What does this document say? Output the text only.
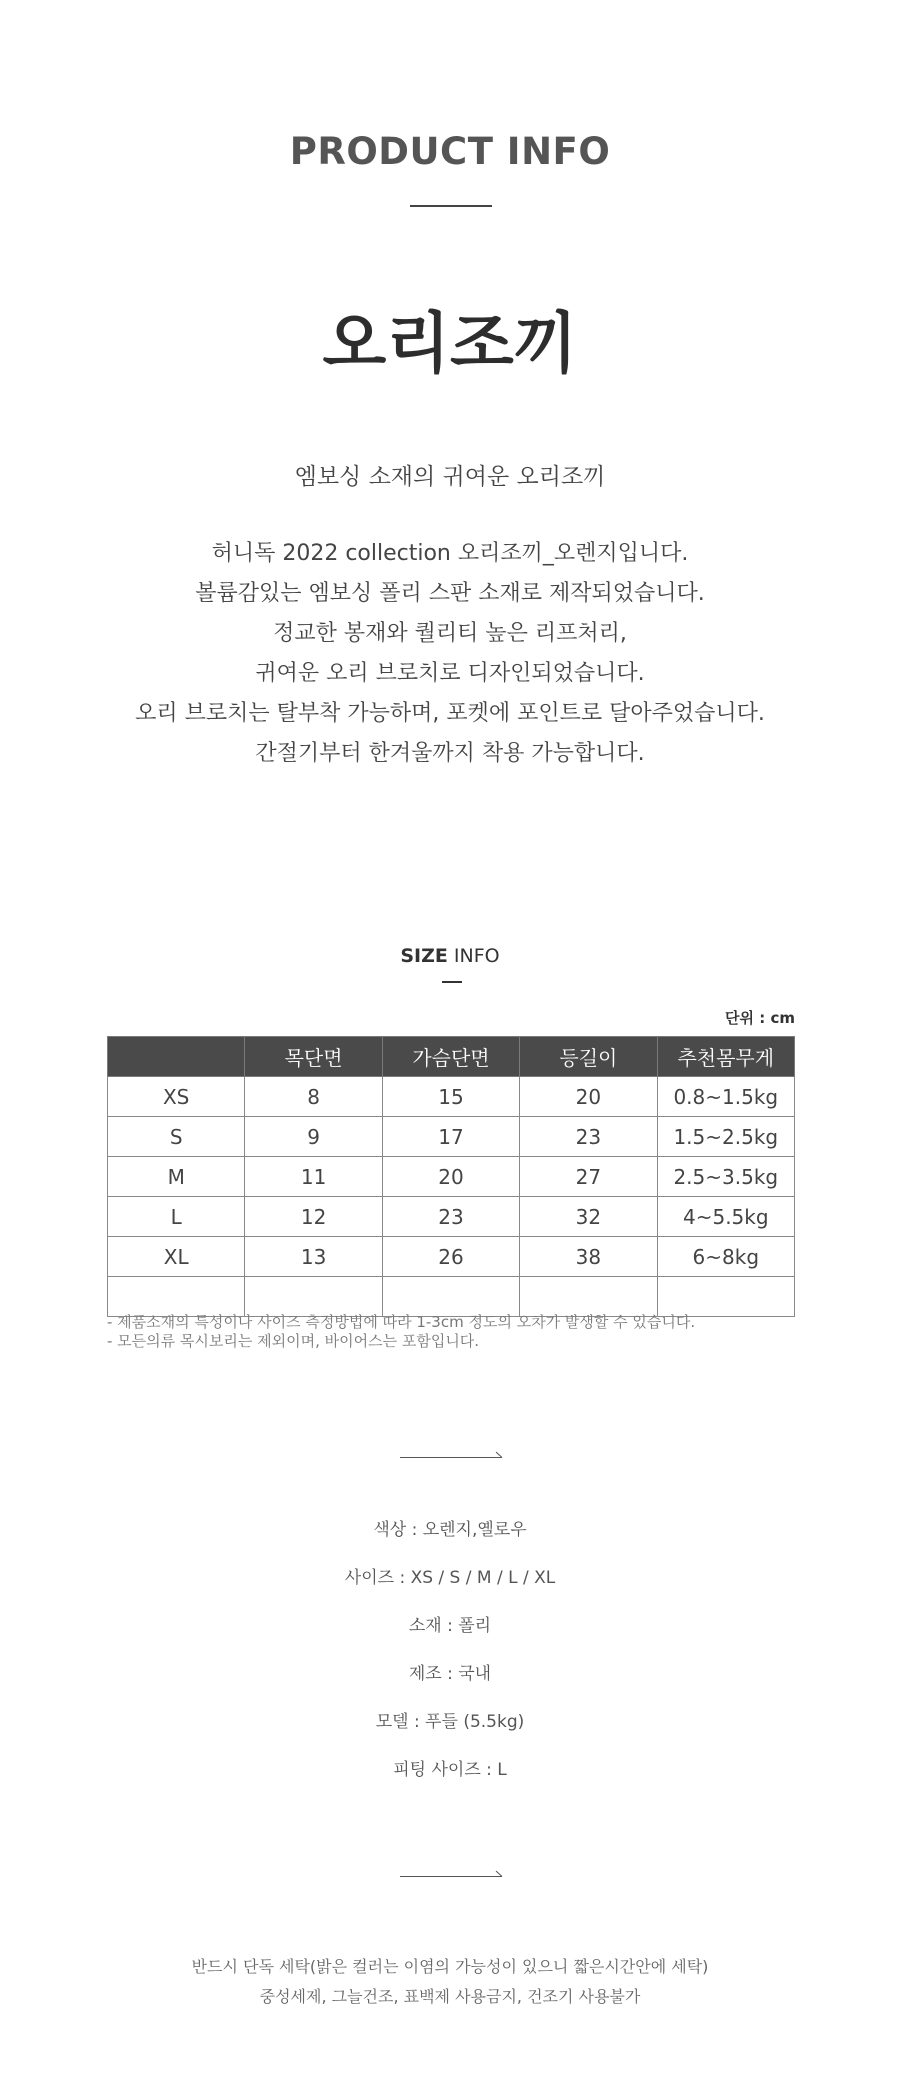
PRODUCT INFO
오리조끼
엠보싱 소재의 귀여운 오리조끼
허니독 2022 collection 오리조끼_오렌지입니다.
볼륨감있는 엠보싱 폴리 스판 소재로 제작되었습니다.
정교한 봉재와 퀄리티 높은 리프처리,
귀여운 오리 브로치로 디자인되었습니다.
오리 브로치는 탈부착 가능하며, 포켓에 포인트로 달아주었습니다.
간절기부터 한겨울까지 착용 가능합니다.
SIZE INFO
단위 : cm
	목단면	가슴단면	등길이	추천몸무게
XS	8	15	20	0.8~1.5kg
S	9	17	23	1.5~2.5kg
M	11	20	27	2.5~3.5kg
L	12	23	32	4~5.5kg
XL	13	26	38	6~8kg

- 제품소재의 특성이나 사이즈 측정방법에 따라 1-3cm 정도의 오차가 발생할 수 있습니다.
- 모든의류 목시보리는 제외이며, 바이어스는 포함입니다.
색상 : 오렌지,옐로우
사이즈 : XS / S / M / L / XL
소재 : 폴리
제조 : 국내
모델 : 푸들 (5.5kg)
피팅 사이즈 : L
반드시 단독 세탁(밝은 컬러는 이염의 가능성이 있으니 짧은시간안에 세탁)
중성세제, 그늘건조, 표백제 사용금지, 건조기 사용불가
